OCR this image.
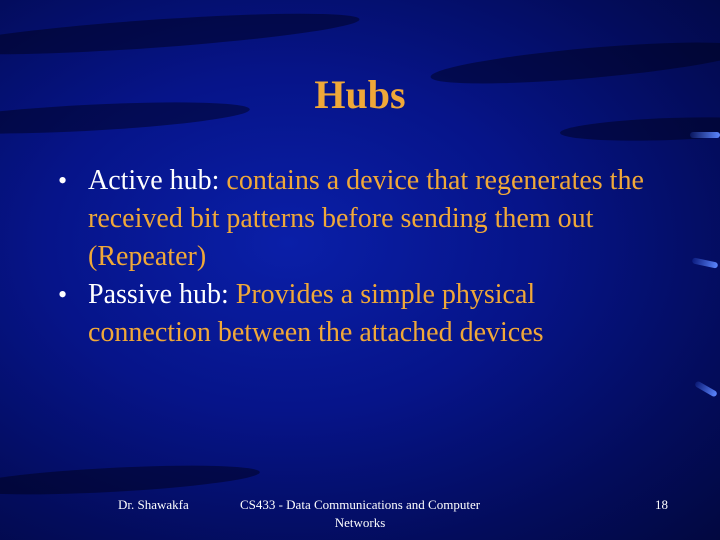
Hubs
• Active hub: contains a device that regenerates the received bit patterns before sending them out (Repeater)
• Passive hub: Provides a simple physical connection between the attached devices
Dr. Shawakfa	CS433 - Data Communications and Computer Networks
18
